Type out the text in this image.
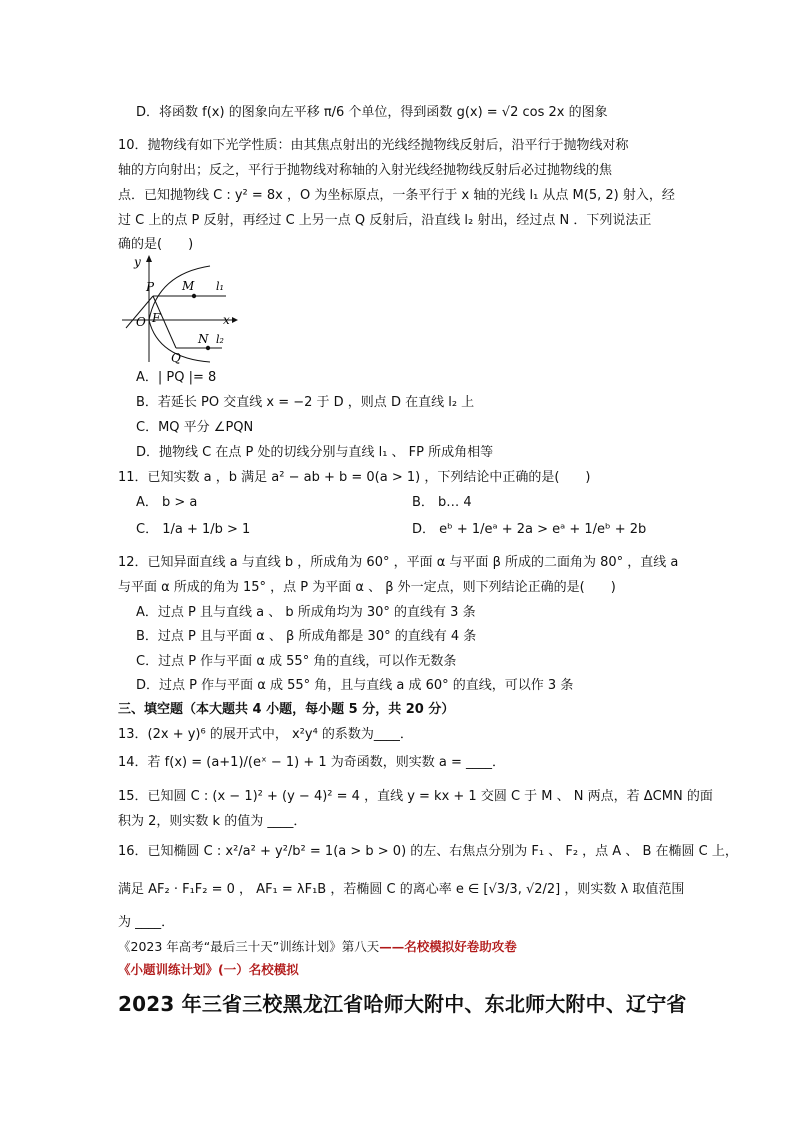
D．将函数 f(x) 的图象向左平移 π/6 个单位，得到函数 g(x) = √2 cos 2x 的图象
10．抛物线有如下光学性质：由其焦点射出的光线经抛物线反射后，沿平行于抛物线对称
轴的方向射出；反之，平行于抛物线对称轴的入射光线经抛物线反射后必过抛物线的焦
点．已知抛物线 C : y² = 8x ，O 为坐标原点，一条平行于 x 轴的光线 l₁ 从点 M(5, 2) 射入，经
过 C 上的点 P 反射，再经过 C 上另一点 Q 反射后，沿直线 l₂ 射出，经过点 N ．下列说法正
确的是(　　)
y
x
O F
P
Q
M
N
l₁
l₂
A．| PQ |= 8
B．若延长 PO 交直线 x = −2 于 D ，则点 D 在直线 l₂ 上
C．MQ 平分 ∠PQN
D．抛物线 C 在点 P 处的切线分别与直线 l₁ 、 FP 所成角相等
11．已知实数 a ，b 满足 a² − ab + b = 0(a > 1) ，下列结论中正确的是(　　)
A． b > a	B． b… 4
C． 1/a + 1/b > 1	D． eᵇ + 1/eᵃ + 2a > eᵃ + 1/eᵇ + 2b
12．已知异面直线 a 与直线 b ，所成角为 60° ，平面 α 与平面 β 所成的二面角为 80° ，直线 a
与平面 α 所成的角为 15° ，点 P 为平面 α 、 β 外一定点，则下列结论正确的是(　　)
A．过点 P 且与直线 a 、 b 所成角均为 30° 的直线有 3 条
B．过点 P 且与平面 α 、 β 所成角都是 30° 的直线有 4 条
C．过点 P 作与平面 α 成 55° 角的直线，可以作无数条
D．过点 P 作与平面 α 成 55° 角，且与直线 a 成 60° 的直线，可以作 3 条
三、填空题（本大题共 4 小题，每小题 5 分，共 20 分）
13．(2x + y)⁶ 的展开式中， x²y⁴ 的系数为____．
14．若 f(x) = (a+1)/(eˣ − 1) + 1 为奇函数，则实数 a = ____．
15．已知圆 C : (x − 1)² + (y − 4)² = 4 ，直线 y = kx + 1 交圆 C 于 M 、 N 两点，若 ΔCMN 的面
积为 2，则实数 k 的值为 ____．
16．已知椭圆 C : x²/a² + y²/b² = 1(a > b > 0) 的左、右焦点分别为 F₁ 、 F₂ ，点 A 、 B 在椭圆 C 上，
满足 AF₂ · F₁F₂ = 0 ， AF₁ = λF₁B ，若椭圆 C 的离心率 e ∈ [√3/3, √2/2] ，则实数 λ 取值范围
为 ____．
《2023 年高考“最后三十天”训练计划》第八天——名校模拟好卷助攻卷
《小题训练计划》(一）名校模拟
2023 年三省三校黑龙江省哈师大附中、东北师大附中、辽宁省
